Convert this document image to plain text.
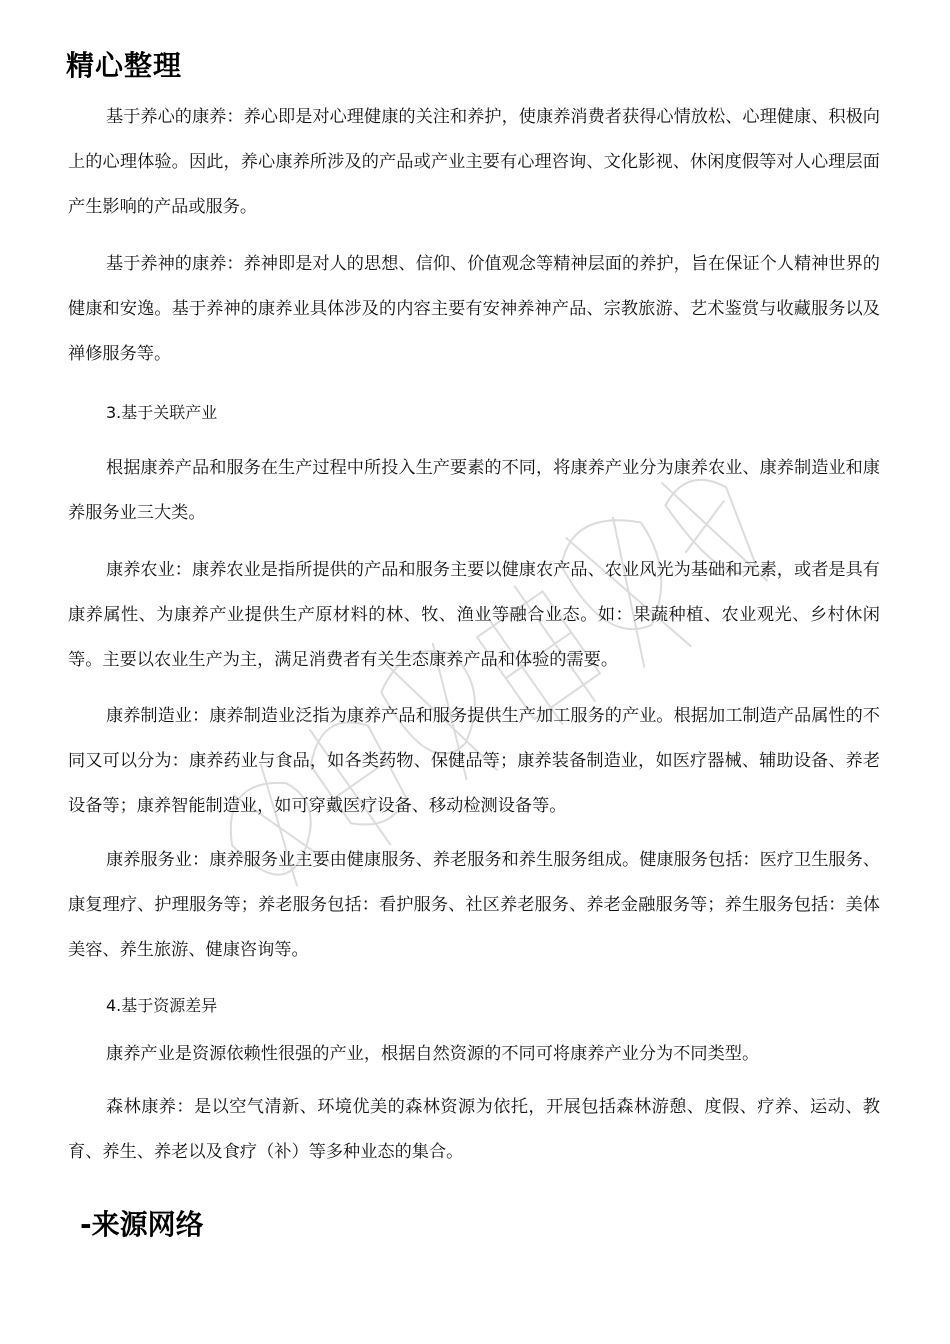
精心整理

基于养心的康养：养心即是对心理健康的关注和养护，使康养消费者获得心情放松、心理健康、积极向上的心理体验。因此，养心康养所涉及的产品或产业主要有心理咨询、文化影视、休闲度假等对人心理层面产生影响的产品或服务。

基于养神的康养：养神即是对人的思想、信仰、价值观念等精神层面的养护，旨在保证个人精神世界的健康和安逸。基于养神的康养业具体涉及的内容主要有安神养神产品、宗教旅游、艺术鉴赏与收藏服务以及禅修服务等。

3.基于关联产业

根据康养产品和服务在生产过程中所投入生产要素的不同，将康养产业分为康养农业、康养制造业和康养服务业三大类。

康养农业：康养农业是指所提供的产品和服务主要以健康农产品、农业风光为基础和元素，或者是具有康养属性、为康养产业提供生产原材料的林、牧、渔业等融合业态。如：果蔬种植、农业观光、乡村休闲等。主要以农业生产为主，满足消费者有关生态康养产品和体验的需要。

康养制造业：康养制造业泛指为康养产品和服务提供生产加工服务的产业。根据加工制造产品属性的不同又可以分为：康养药业与食品，如各类药物、保健品等；康养装备制造业，如医疗器械、辅助设备、养老设备等；康养智能制造业，如可穿戴医疗设备、移动检测设备等。

康养服务业：康养服务业主要由健康服务、养老服务和养生服务组成。健康服务包括：医疗卫生服务、康复理疗、护理服务等；养老服务包括：看护服务、社区养老服务、养老金融服务等；养生服务包括：美体美容、养生旅游、健康咨询等。

4.基于资源差异

康养产业是资源依赖性很强的产业，根据自然资源的不同可将康养产业分为不同类型。

森林康养：是以空气清新、环境优美的森林资源为依托，开展包括森林游憩、度假、疗养、运动、教育、养生、养老以及食疗（补）等多种业态的集合。

-来源网络
